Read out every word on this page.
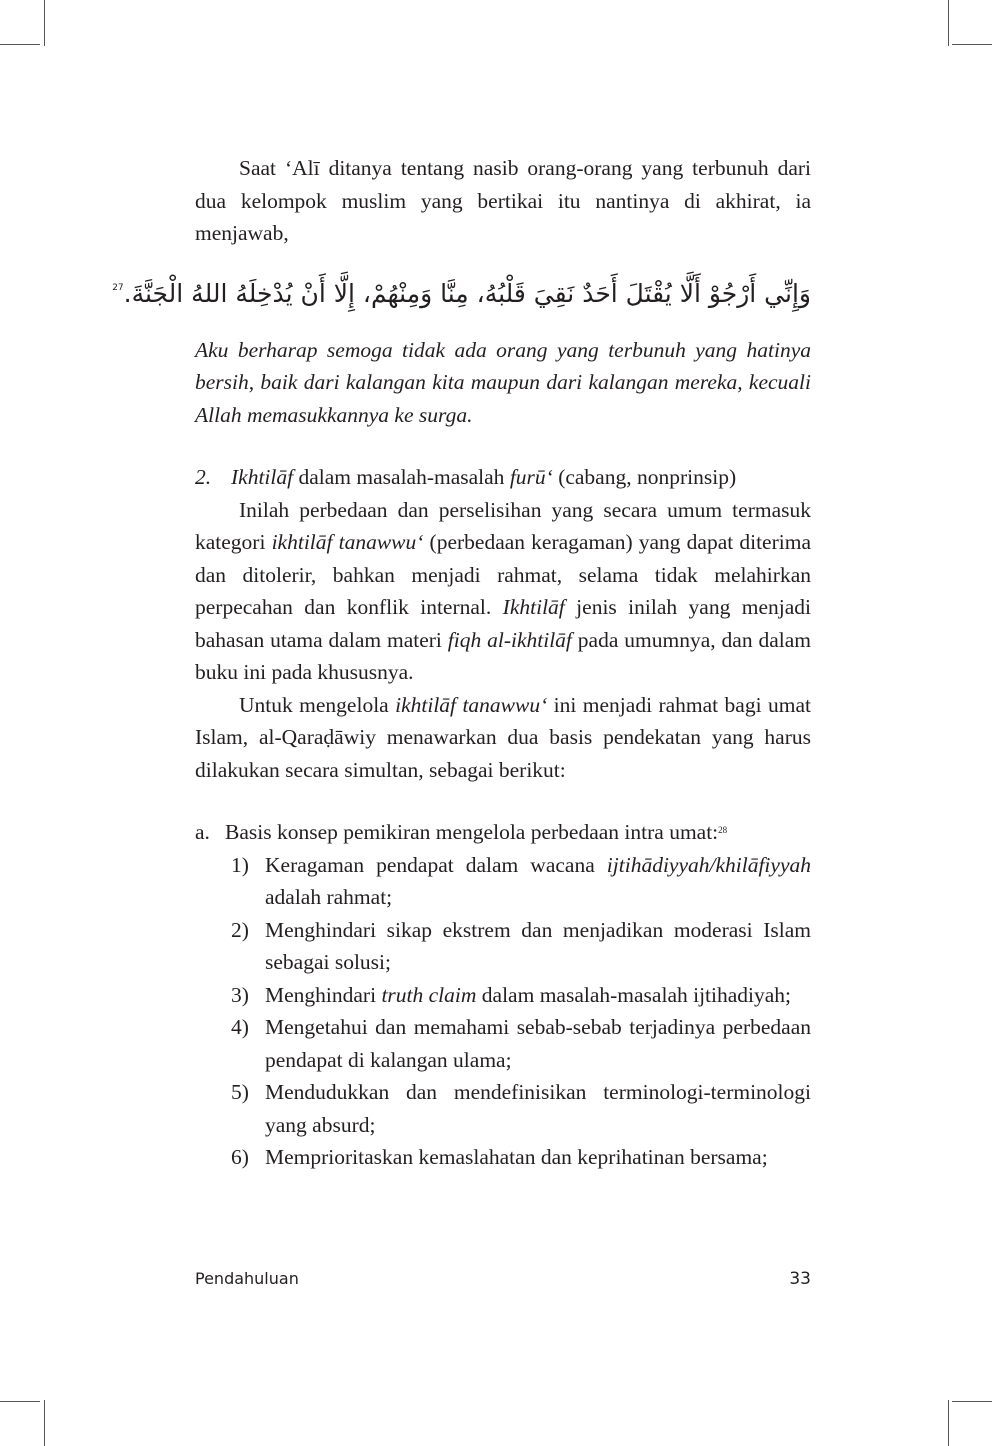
Saat ‘Alī ditanya tentang nasib orang-orang yang terbunuh dari dua kelompok muslim yang bertikai itu nantinya di akhirat, ia menjawab,

وَإِنِّي أَرْجُوْ أَلَّا يُقْتَلَ أَحَدٌ نَقِيَ قَلْبُهُ، مِنَّا وَمِنْهُمْ، إِلَّا أَنْ يُدْخِلَهُ اللهُ الْجَنَّةَ.$^{27}$

Aku berharap semoga tidak ada orang yang terbunuh yang hatinya bersih, baik dari kalangan kita maupun dari kalangan mereka, kecuali Allah memasukkannya ke surga.

2. Ikhtilāf dalam masalah-masalah furū‘ (cabang, nonprinsip)

Inilah perbedaan dan perselisihan yang secara umum termasuk kategori ikhtilāf tanawwu‘ (perbedaan keragaman) yang dapat diterima dan ditolerir, bahkan menjadi rahmat, selama tidak melahirkan perpecahan dan konflik internal. Ikhtilāf jenis inilah yang menjadi bahasan utama dalam materi fiqh al-ikhtilāf pada umumnya, dan dalam buku ini pada khususnya.

Untuk mengelola ikhtilāf tanawwu‘ ini menjadi rahmat bagi umat Islam, al-Qaraḍāwiy menawarkan dua basis pendekatan yang harus dilakukan secara simultan, sebagai berikut:

a. Basis konsep pemikiran mengelola perbedaan intra umat:$^{28}$

1) Keragaman pendapat dalam wacana ijtihādiyyah/khilāfiyyah adalah rahmat;

2) Menghindari sikap ekstrem dan menjadikan moderasi Islam sebagai solusi;

3) Menghindari truth claim dalam masalah-masalah ijtihadiyah;

4) Mengetahui dan memahami sebab-sebab terjadinya perbedaan pendapat di kalangan ulama;

5) Mendudukkan dan mendefinisikan terminologi-terminologi yang absurd;

6) Memprioritaskan kemaslahatan dan keprihatinan bersama;

Pendahuluan	33
